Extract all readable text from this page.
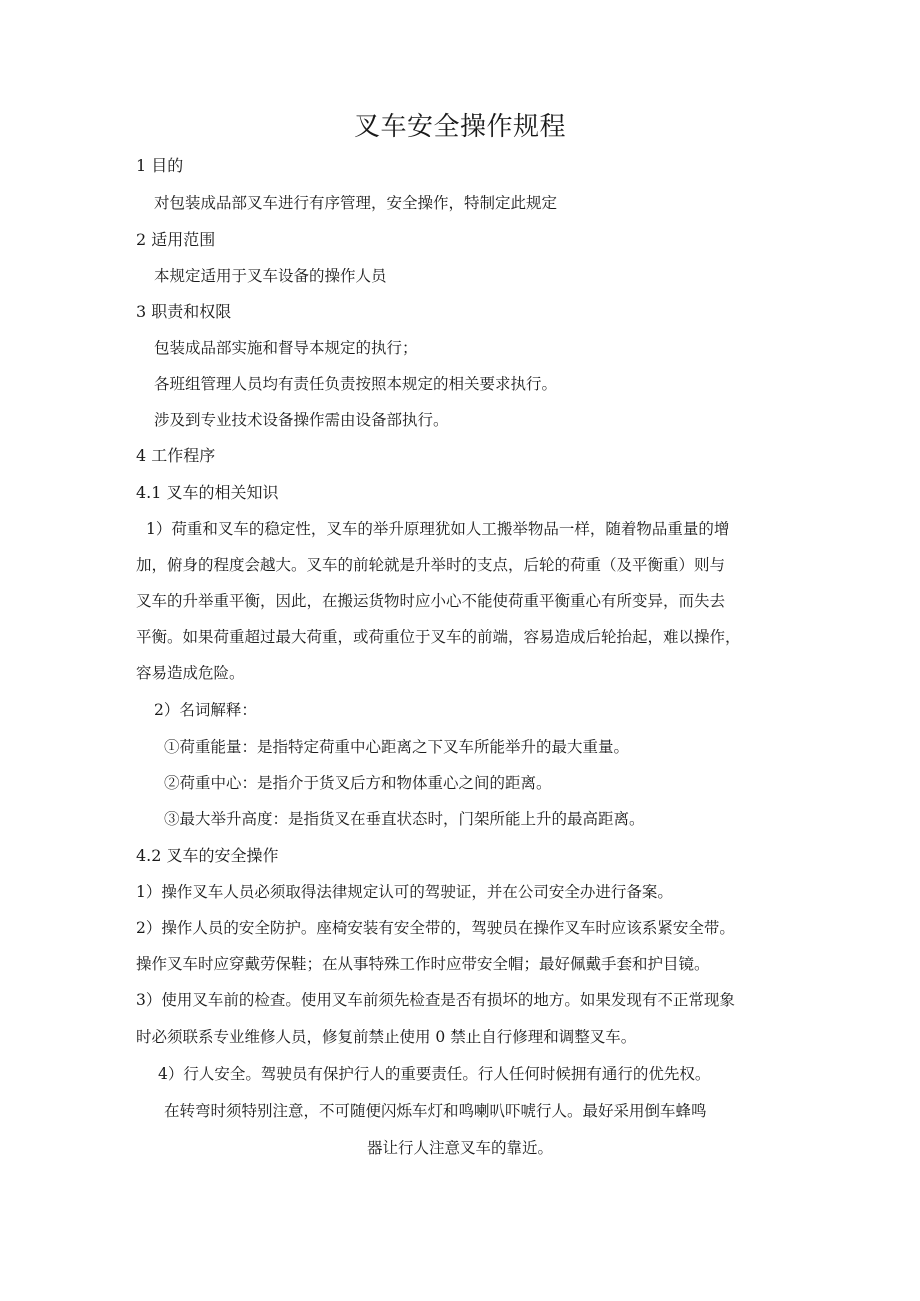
叉车安全操作规程
1 目的
对包装成品部叉车进行有序管理，安全操作，特制定此规定
2 适用范围
本规定适用于叉车设备的操作人员
3 职责和权限
包装成品部实施和督导本规定的执行；
各班组管理人员均有责任负责按照本规定的相关要求执行。
涉及到专业技术设备操作需由设备部执行。
4 工作程序
4.1 叉车的相关知识
1）荷重和叉车的稳定性，叉车的举升原理犹如人工搬举物品一样，随着物品重量的增
加，俯身的程度会越大。叉车的前轮就是升举时的支点，后轮的荷重（及平衡重）则与
叉车的升举重平衡，因此，在搬运货物时应小心不能使荷重平衡重心有所变异，而失去
平衡。如果荷重超过最大荷重，或荷重位于叉车的前端，容易造成后轮抬起，难以操作，
容易造成危险。
2）名词解释：
①荷重能量：是指特定荷重中心距离之下叉车所能举升的最大重量。
②荷重中心：是指介于货叉后方和物体重心之间的距离。
③最大举升高度：是指货叉在垂直状态时，门架所能上升的最高距离。
4.2 叉车的安全操作
1）操作叉车人员必须取得法律规定认可的驾驶证，并在公司安全办进行备案。
2）操作人员的安全防护。座椅安装有安全带的，驾驶员在操作叉车时应该系紧安全带。
操作叉车时应穿戴劳保鞋；在从事特殊工作时应带安全帽；最好佩戴手套和护目镜。
3）使用叉车前的检查。使用叉车前须先检查是否有损坏的地方。如果发现有不正常现象
时必须联系专业维修人员，修复前禁止使用 0 禁止自行修理和调整叉车。
4）行人安全。驾驶员有保护行人的重要责任。行人任何时候拥有通行的优先权。
在转弯时须特别注意，不可随便闪烁车灯和鸣喇叭吓唬行人。最好采用倒车蜂鸣
器让行人注意叉车的靠近。
